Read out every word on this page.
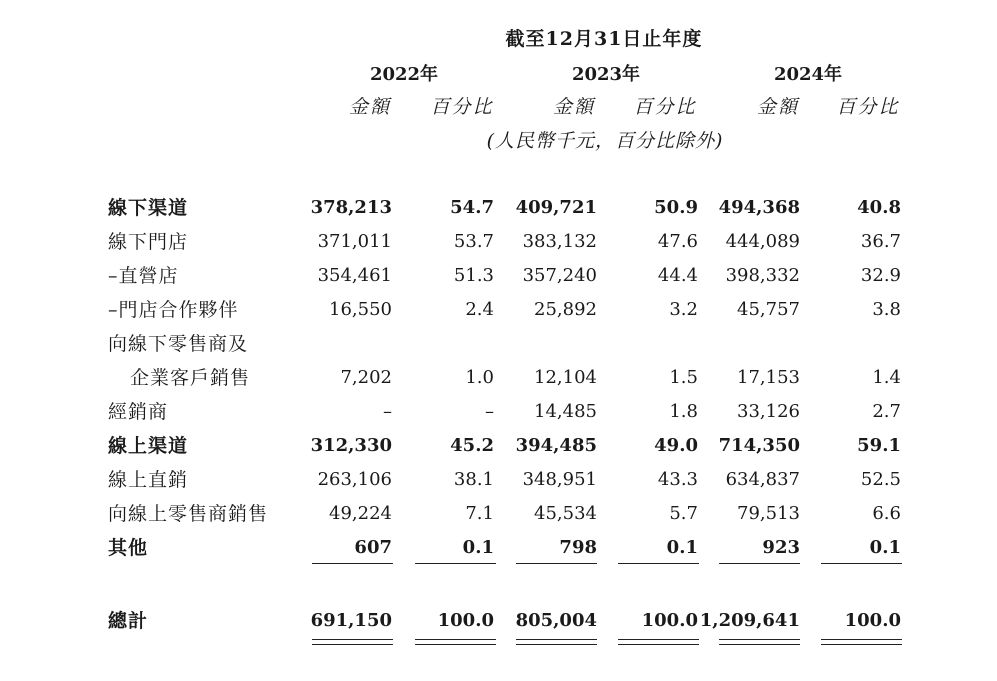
截至12月31日止年度
2022年	2023年	2024年
金額 百分比	金額 百分比	金額 百分比
(人民幣千元，百分比除外)
線下渠道	378,213	54.7 409,721	50.9 494,368	40.8
線下門店	371,011	53.7 383,132	47.6 444,089	36.7
–直營店	354,461	51.3 357,240	44.4 398,332	32.9
–門店合作夥伴	16,550	2.4 25,892	3.2 45,757	3.8
向線下零售商及
企業客戶銷售	7,202	1.0 12,104	1.5 17,153	1.4
經銷商	–	– 14,485	1.8 33,126	2.7
線上渠道	312,330	45.2 394,485	49.0 714,350	59.1
線上直銷	263,106	38.1 348,951	43.3 634,837	52.5
向線上零售商銷售	49,224	7.1 45,534	5.7 79,513	6.6
其他	607	0.1	798	0.1	923	0.1
總計	691,150	100.0 805,004 100.0 1,209,641 100.0
